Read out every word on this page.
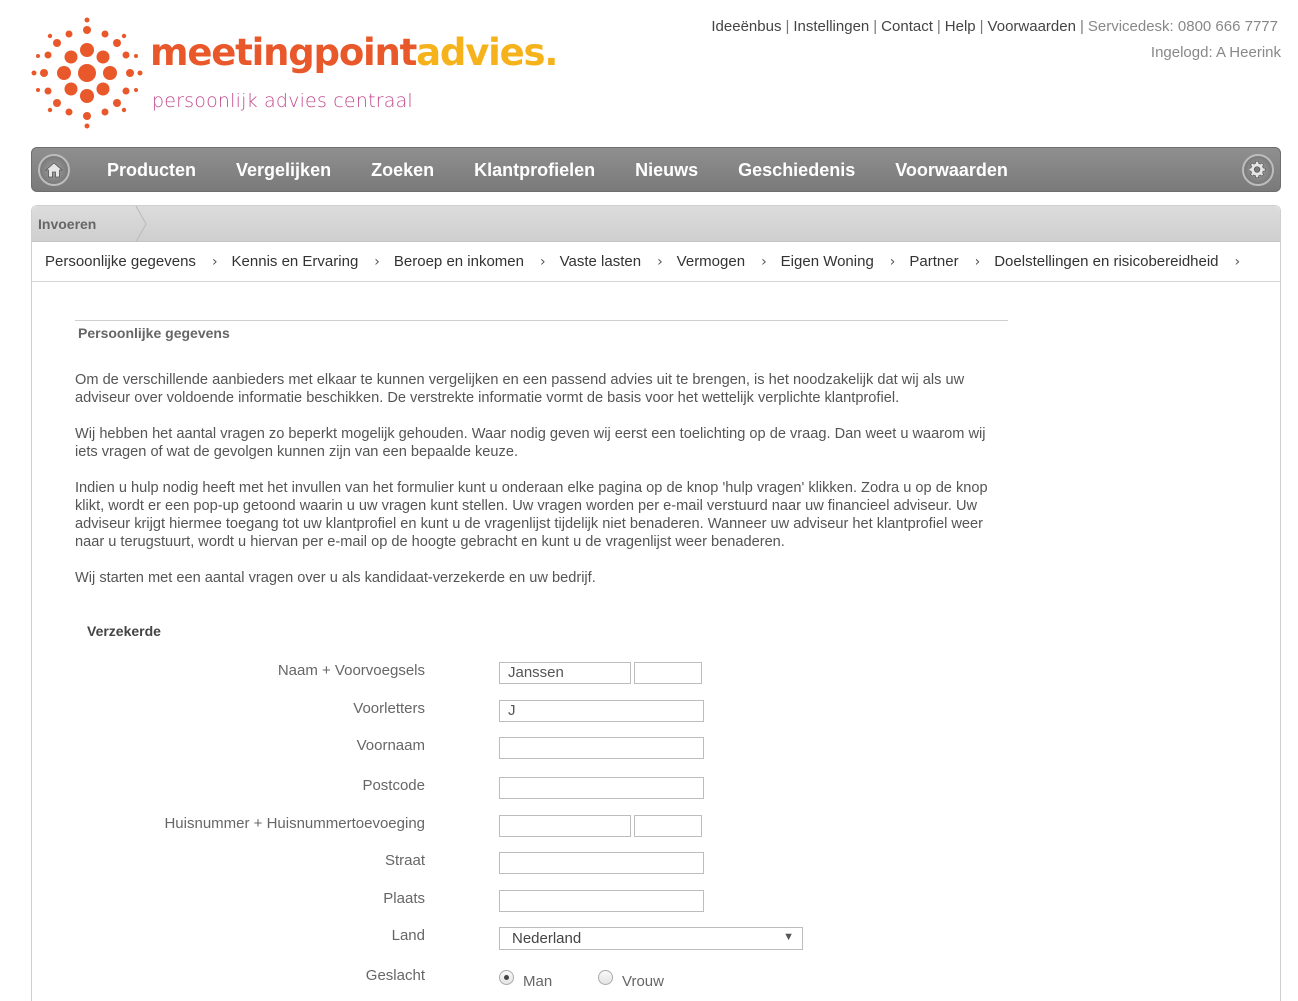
meetingpointadvies.
persoonlijk advies centraal
Ideeënbus | Instellingen | Contact | Help | Voorwaarden | Servicedesk: 0800 666 7777
Ingelogd: A Heerink
Producten Vergelijken Zoeken Klantprofielen Nieuws Geschiedenis Voorwaarden
Invoeren
Persoonlijke gegevens › Kennis en Ervaring › Beroep en inkomen › Vaste lasten › Vermogen › Eigen Woning › Partner › Doelstellingen en risicobereidheid ›
Persoonlijke gegevens

Om de verschillende aanbieders met elkaar te kunnen vergelijken en een passend advies uit te brengen, is het noodzakelijk dat wij als uw adviseur over voldoende informatie beschikken. De verstrekte informatie vormt de basis voor het wettelijk verplichte klantprofiel.

Wij hebben het aantal vragen zo beperkt mogelijk gehouden. Waar nodig geven wij eerst een toelichting op de vraag. Dan weet u waarom wij iets vragen of wat de gevolgen kunnen zijn van een bepaalde keuze.

Indien u hulp nodig heeft met het invullen van het formulier kunt u onderaan elke pagina op de knop 'hulp vragen' klikken. Zodra u op de knop klikt, wordt er een pop-up getoond waarin u uw vragen kunt stellen. Uw vragen worden per e-mail verstuurd naar uw financieel adviseur. Uw adviseur krijgt hiermee toegang tot uw klantprofiel en kunt u de vragenlijst tijdelijk niet benaderen. Wanneer uw adviseur het klantprofiel weer naar u terugstuurt, wordt u hiervan per e-mail op de hoogte gebracht en kunt u de vragenlijst weer benaderen.

Wij starten met een aantal vragen over u als kandidaat-verzekerde en uw bedrijf.

Verzekerde
Naam + Voorvoegsels	Janssen
Voorletters	J
Voornaam
Postcode
Huisnummer + Huisnummertoevoeging
Straat
Plaats
Land	Nederland	▼
Geslacht	Man	Vrouw
